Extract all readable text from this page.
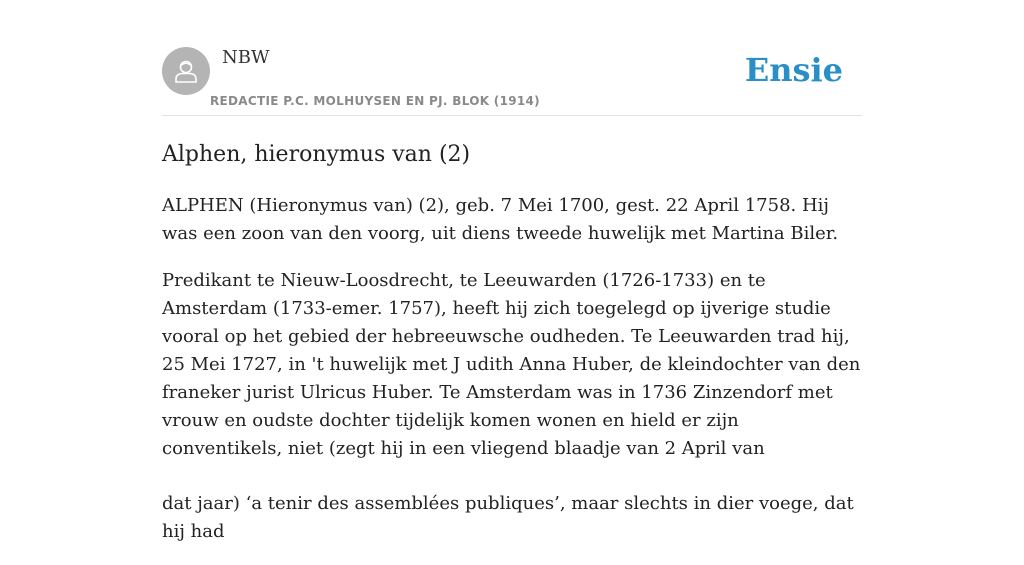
NBW
REDACTIE P.C. MOLHUYSEN EN PJ. BLOK (1914)
Ensie
Alphen, hieronymus van (2)

ALPHEN (Hieronymus van) (2), geb. 7 Mei 1700, gest. 22 April 1758. Hij was een zoon van den voorg, uit diens tweede huwelijk met Martina Biler.

Predikant te Nieuw-Loosdrecht, te Leeuwarden (1726-1733) en te Amsterdam (1733-emer. 1757), heeft hij zich toegelegd op ijverige studie vooral op het gebied der hebreeuwsche oudheden. Te Leeuwarden trad hij, 25 Mei 1727, in 't huwelijk met J udith Anna Huber, de kleindochter van den franeker jurist Ulricus Huber. Te Amsterdam was in 1736 Zinzendorf met vrouw en oudste dochter tijdelijk komen wonen en hield er zijn conventikels, niet (zegt hij in een vliegend blaadje van 2 April van

dat jaar) ‘a tenir des assemblées publiques’, maar slechts in dier voege, dat hij had
